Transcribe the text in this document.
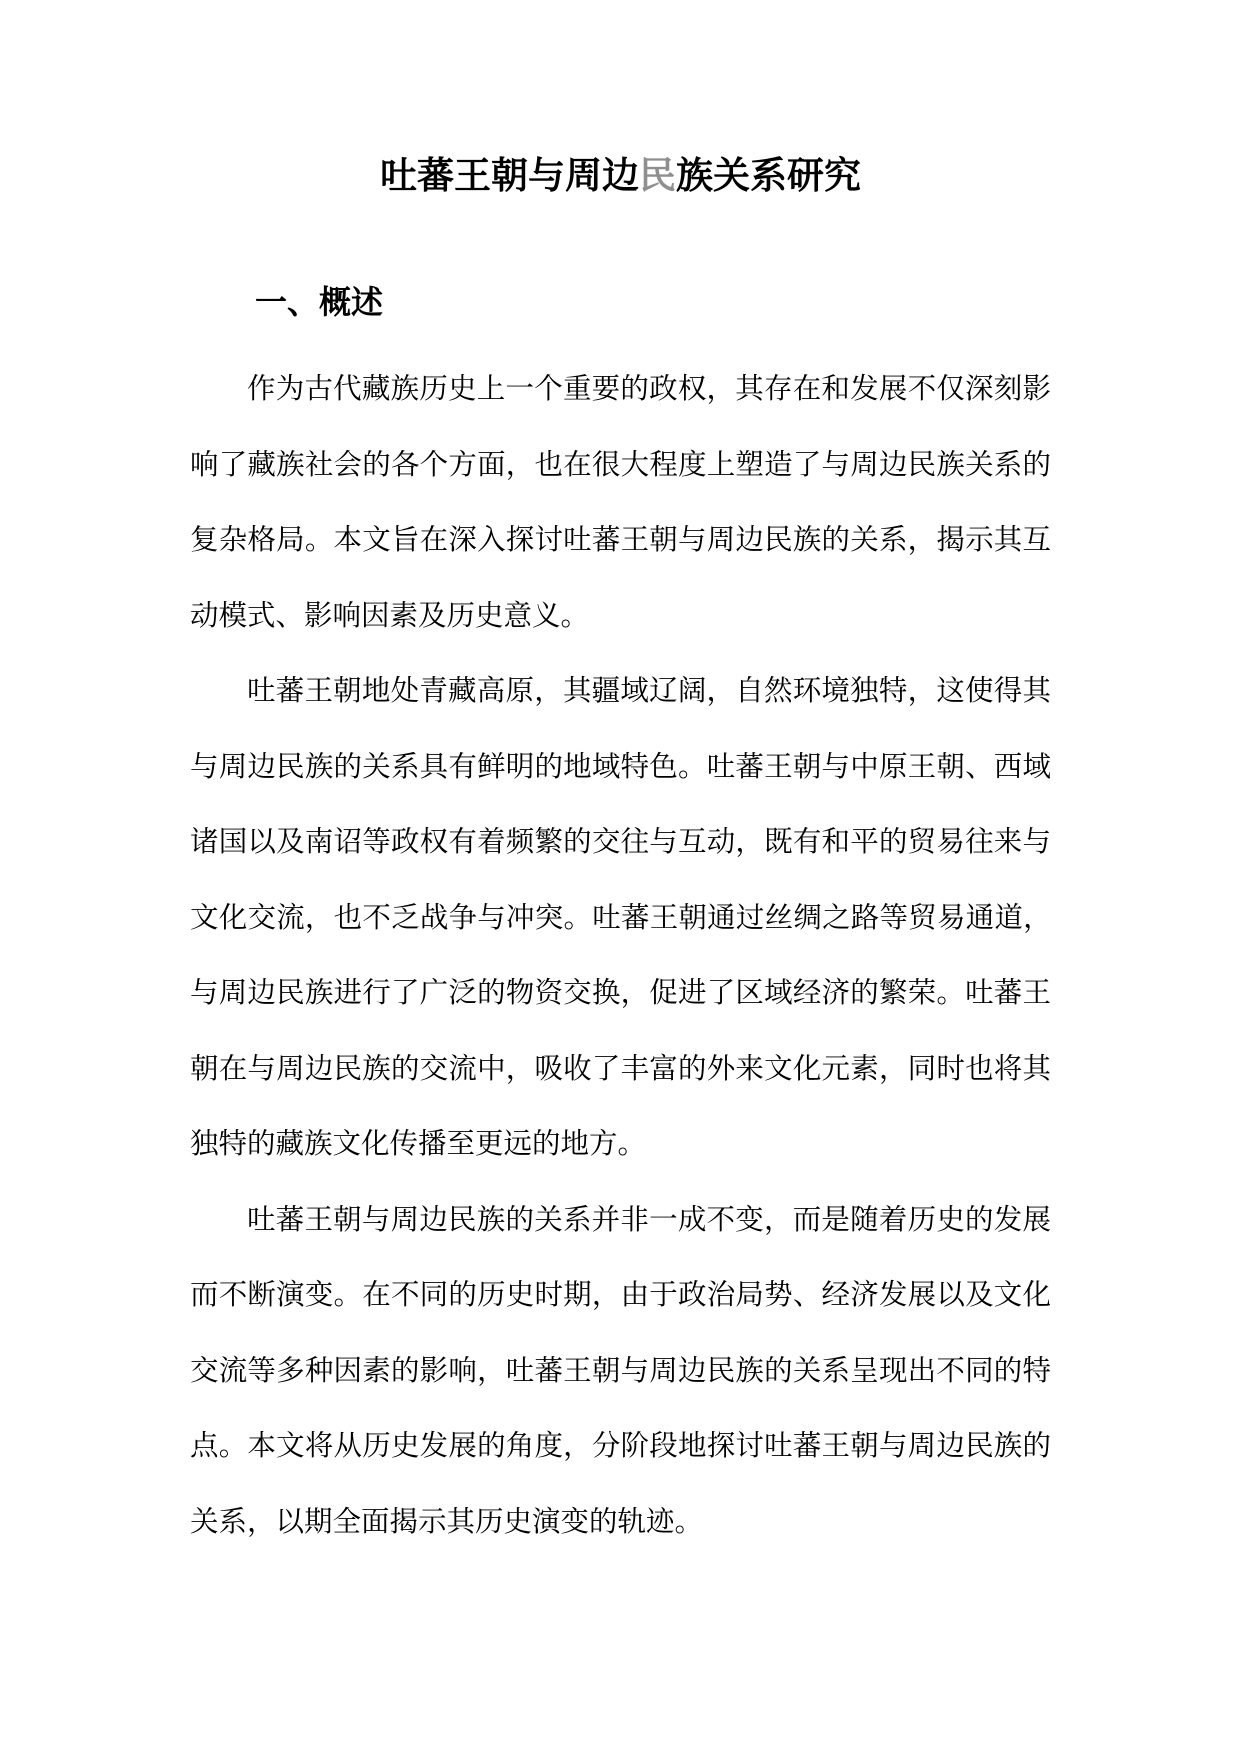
吐蕃王朝与周边民族关系研究
一、概述

作为古代藏族历史上一个重要的政权，其存在和发展不仅深刻影
响了藏族社会的各个方面，也在很大程度上塑造了与周边民族关系的
复杂格局。本文旨在深入探讨吐蕃王朝与周边民族的关系，揭示其互
动模式、影响因素及历史意义。

吐蕃王朝地处青藏高原，其疆域辽阔，自然环境独特，这使得其
与周边民族的关系具有鲜明的地域特色。吐蕃王朝与中原王朝、西域
诸国以及南诏等政权有着频繁的交往与互动，既有和平的贸易往来与
文化交流，也不乏战争与冲突。吐蕃王朝通过丝绸之路等贸易通道，
与周边民族进行了广泛的物资交换，促进了区域经济的繁荣。吐蕃王
朝在与周边民族的交流中，吸收了丰富的外来文化元素，同时也将其
独特的藏族文化传播至更远的地方。

吐蕃王朝与周边民族的关系并非一成不变，而是随着历史的发展
而不断演变。在不同的历史时期，由于政治局势、经济发展以及文化
交流等多种因素的影响，吐蕃王朝与周边民族的关系呈现出不同的特
点。本文将从历史发展的角度，分阶段地探讨吐蕃王朝与周边民族的
关系，以期全面揭示其历史演变的轨迹。
